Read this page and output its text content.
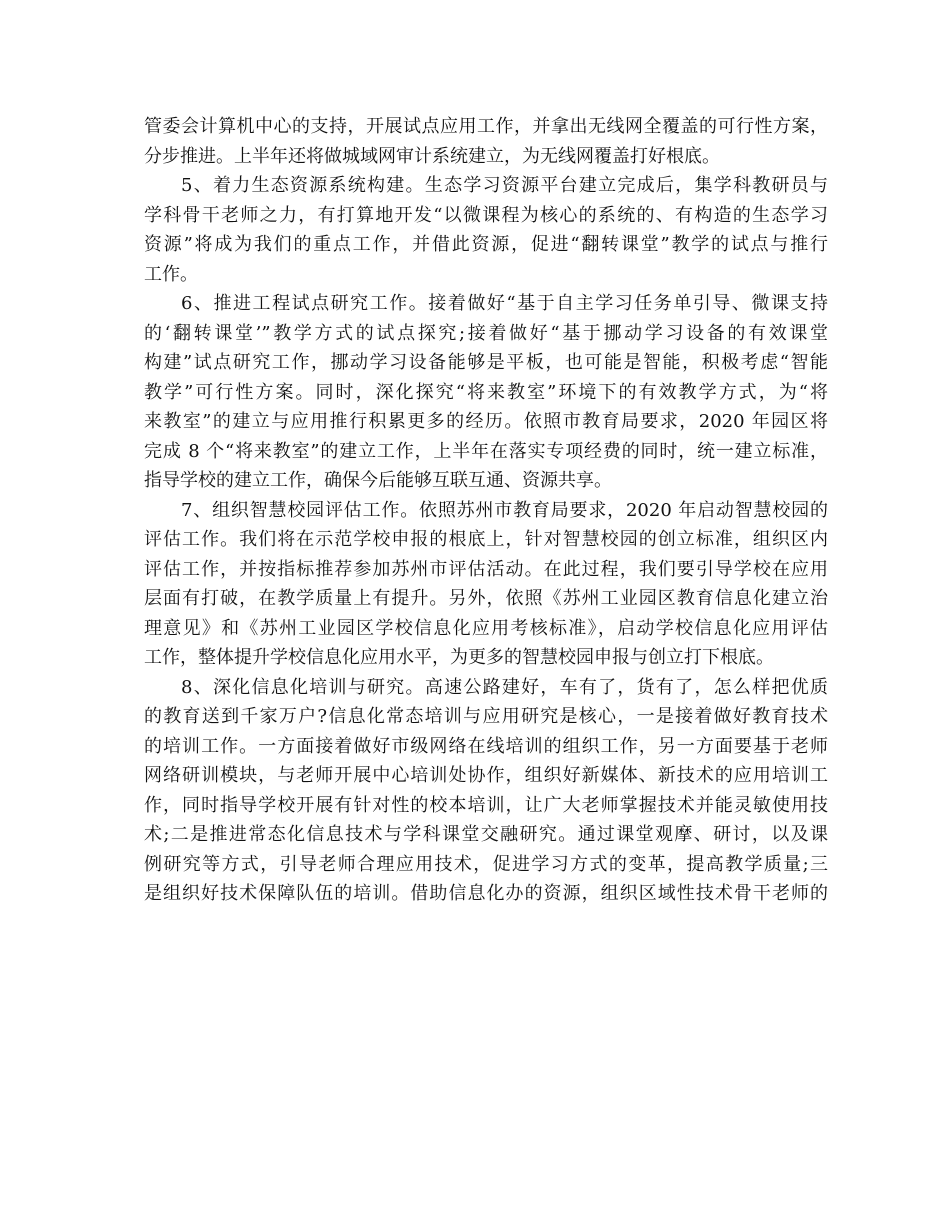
管委会计算机中心的支持，开展试点应用工作，并拿出无线网全覆盖的可行性方案，
分步推进。上半年还将做城域网审计系统建立，为无线网覆盖打好根底。
5、着力生态资源系统构建。生态学习资源平台建立完成后，集学科教研员与
学科骨干老师之力，有打算地开发“以微课程为核心的系统的、有构造的生态学习
资源”将成为我们的重点工作，并借此资源，促进“翻转课堂”教学的试点与推行
工作。
6、推进工程试点研究工作。接着做好“基于自主学习任务单引导、微课支持
的‘翻转课堂’”教学方式的试点探究;接着做好“基于挪动学习设备的有效课堂
构建”试点研究工作，挪动学习设备能够是平板，也可能是智能，积极考虑“智能
教学”可行性方案。同时，深化探究“将来教室”环境下的有效教学方式，为“将
来教室”的建立与应用推行积累更多的经历。依照市教育局要求，2020 年园区将
完成 8 个“将来教室”的建立工作，上半年在落实专项经费的同时，统一建立标准，
指导学校的建立工作，确保今后能够互联互通、资源共享。
7、组织智慧校园评估工作。依照苏州市教育局要求，2020 年启动智慧校园的
评估工作。我们将在示范学校申报的根底上，针对智慧校园的创立标准，组织区内
评估工作，并按指标推荐参加苏州市评估活动。在此过程，我们要引导学校在应用
层面有打破，在教学质量上有提升。另外，依照《苏州工业园区教育信息化建立治
理意见》和《苏州工业园区学校信息化应用考核标准》，启动学校信息化应用评估
工作，整体提升学校信息化应用水平，为更多的智慧校园申报与创立打下根底。
8、深化信息化培训与研究。高速公路建好，车有了，货有了，怎么样把优质
的教育送到千家万户?信息化常态培训与应用研究是核心，一是接着做好教育技术
的培训工作。一方面接着做好市级网络在线培训的组织工作，另一方面要基于老师
网络研训模块，与老师开展中心培训处协作，组织好新媒体、新技术的应用培训工
作，同时指导学校开展有针对性的校本培训，让广大老师掌握技术并能灵敏使用技
术;二是推进常态化信息技术与学科课堂交融研究。通过课堂观摩、研讨，以及课
例研究等方式，引导老师合理应用技术，促进学习方式的变革，提高教学质量;三
是组织好技术保障队伍的培训。借助信息化办的资源，组织区域性技术骨干老师的
